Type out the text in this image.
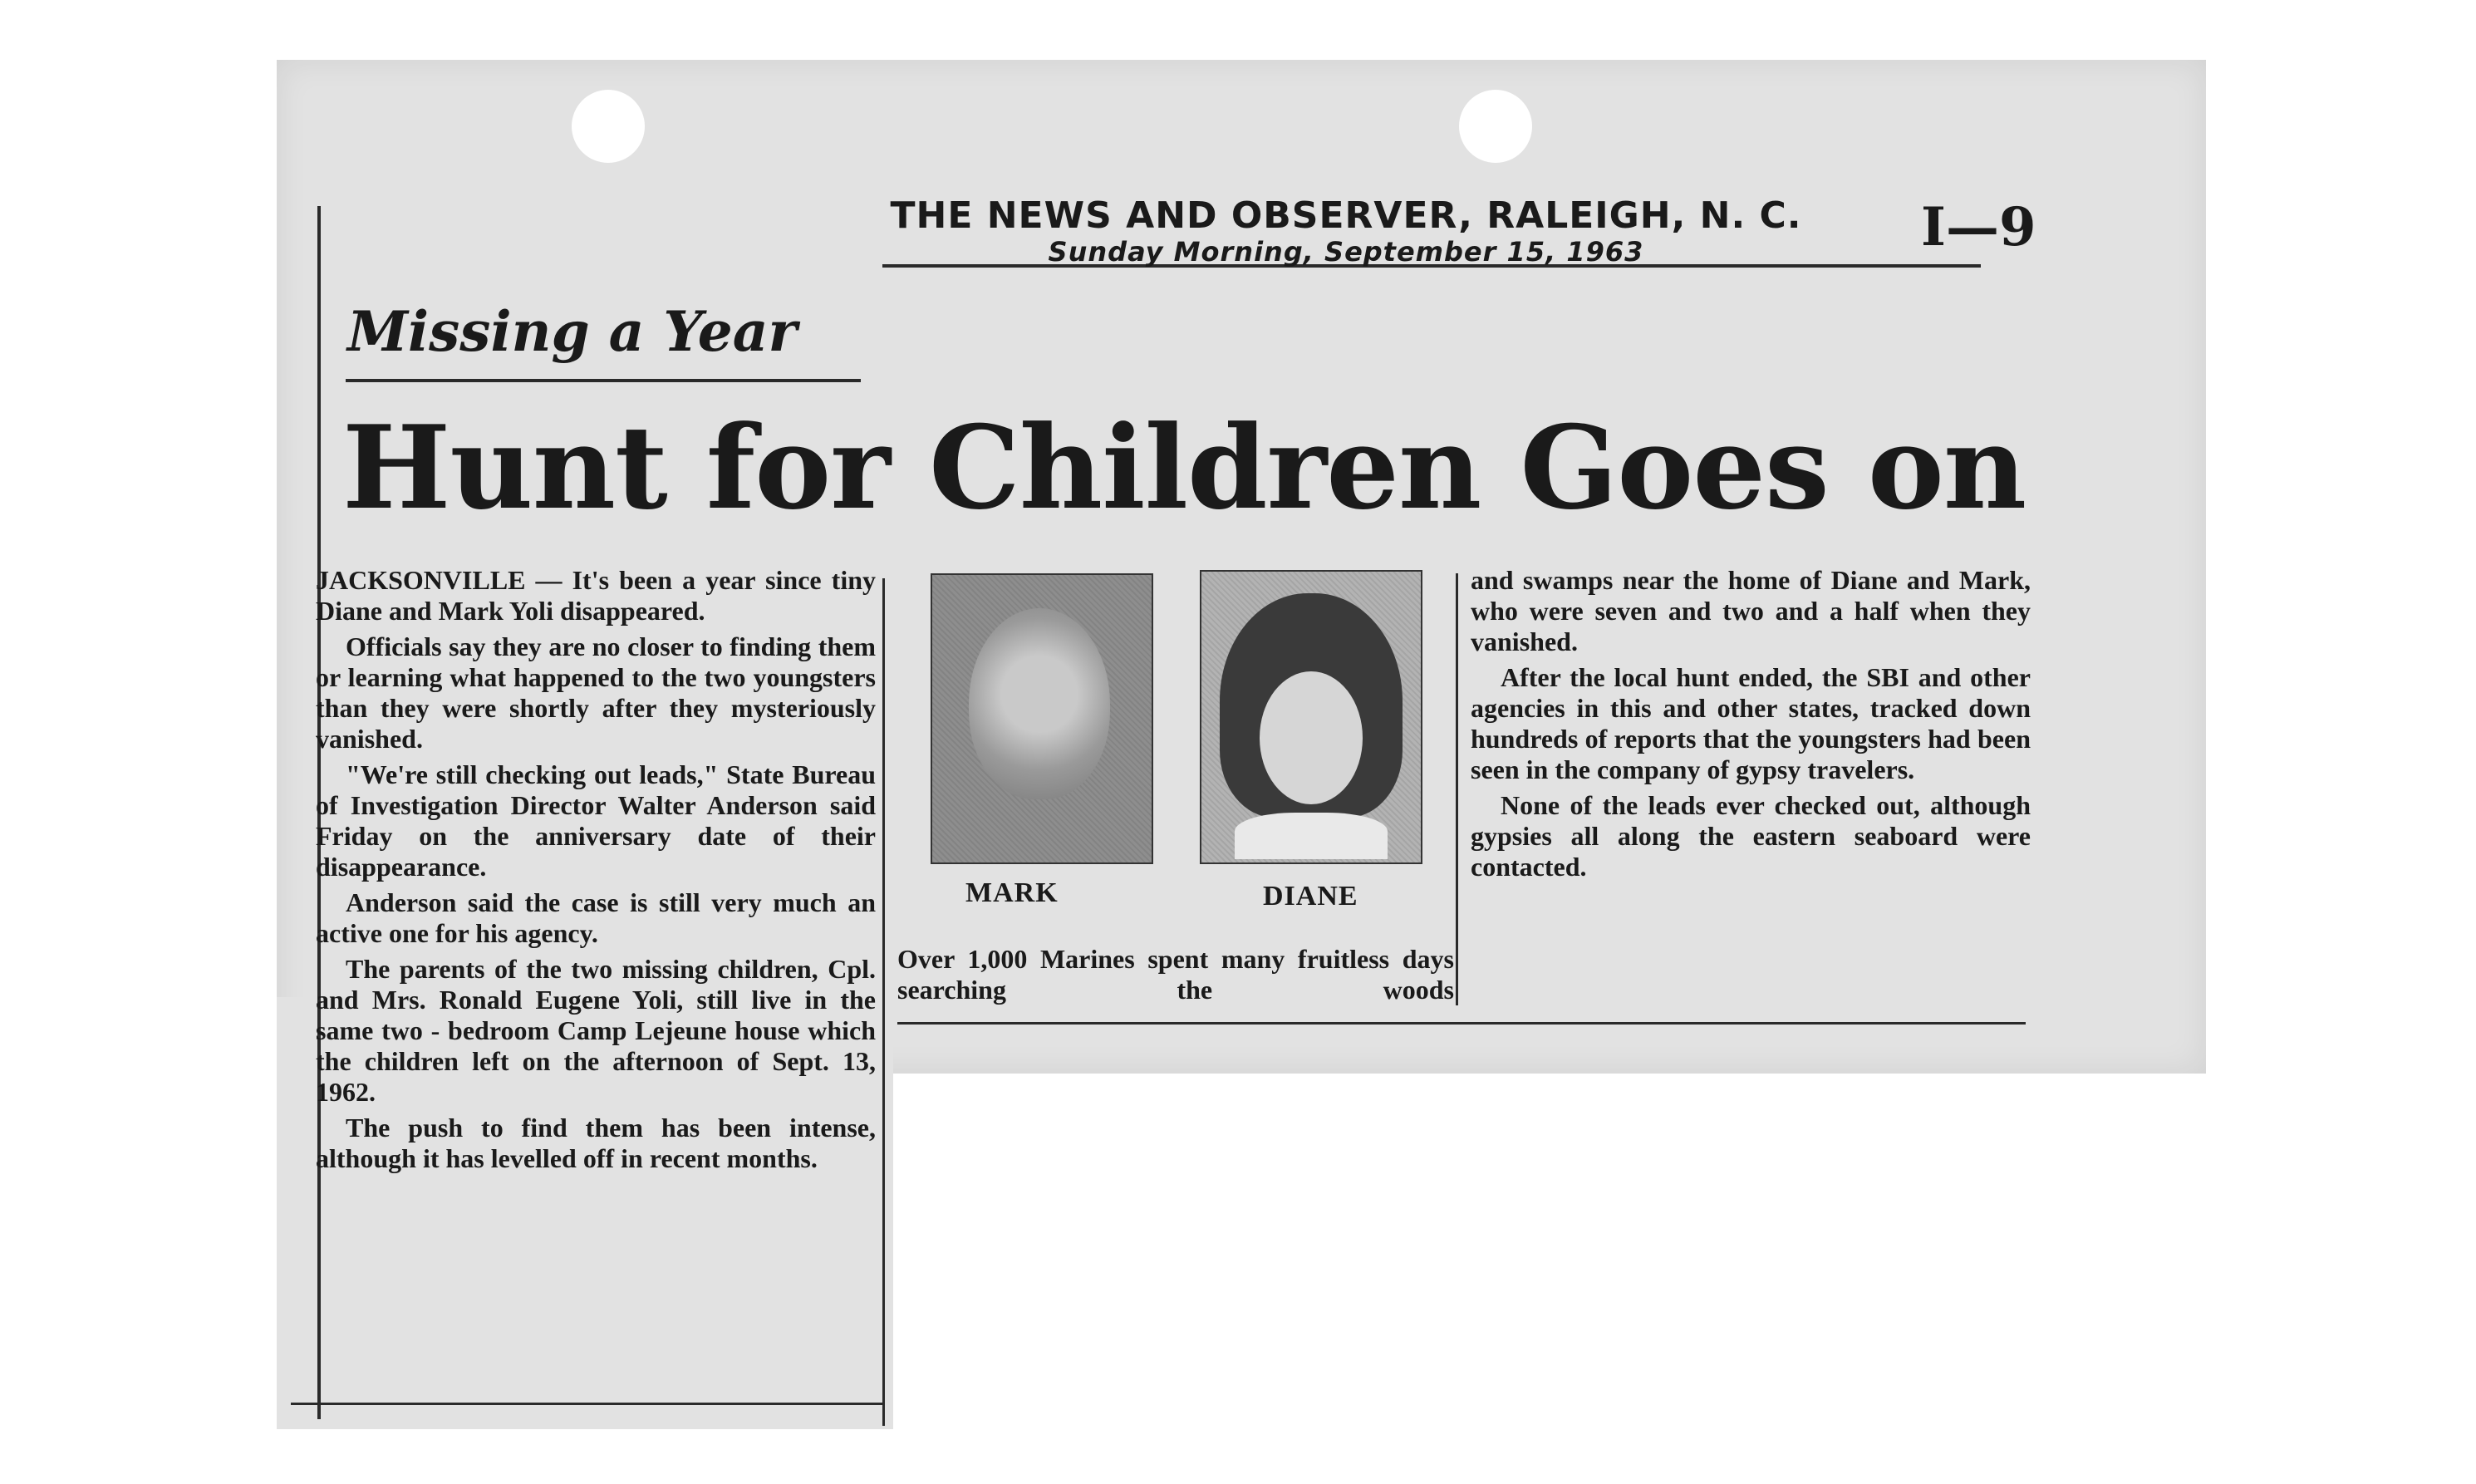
THE NEWS AND OBSERVER, RALEIGH, N. C.
Sunday Morning, September 15, 1963	I—9
Missing a Year
Hunt for Children Goes on

JACKSONVILLE — It's been a year since tiny Diane and Mark Yoli disappeared.

Officials say they are no closer to finding them or learning what happened to the two youngsters than they were shortly after they mysteriously vanished.

"We're still checking out leads," State Bureau of Investigation Director Walter Anderson said Friday on the anniversary date of their disappearance.

Anderson said the case is still very much an active one for his agency.

The parents of the two missing children, Cpl. and Mrs. Ronald Eugene Yoli, still live in the same two - bedroom Camp Lejeune house which the children left on the afternoon of Sept. 13, 1962.

The push to find them has been intense, although it has levelled off in recent months.

MARK	DIANE
Over 1,000 Marines spent many fruitless days searching the woods

and swamps near the home of Diane and Mark, who were seven and two and a half when they vanished.

After the local hunt ended, the SBI and other agencies in this and other states, tracked down hundreds of reports that the youngsters had been seen in the company of gypsy travelers.

None of the leads ever checked out, although gypsies all along the eastern seaboard were contacted.
